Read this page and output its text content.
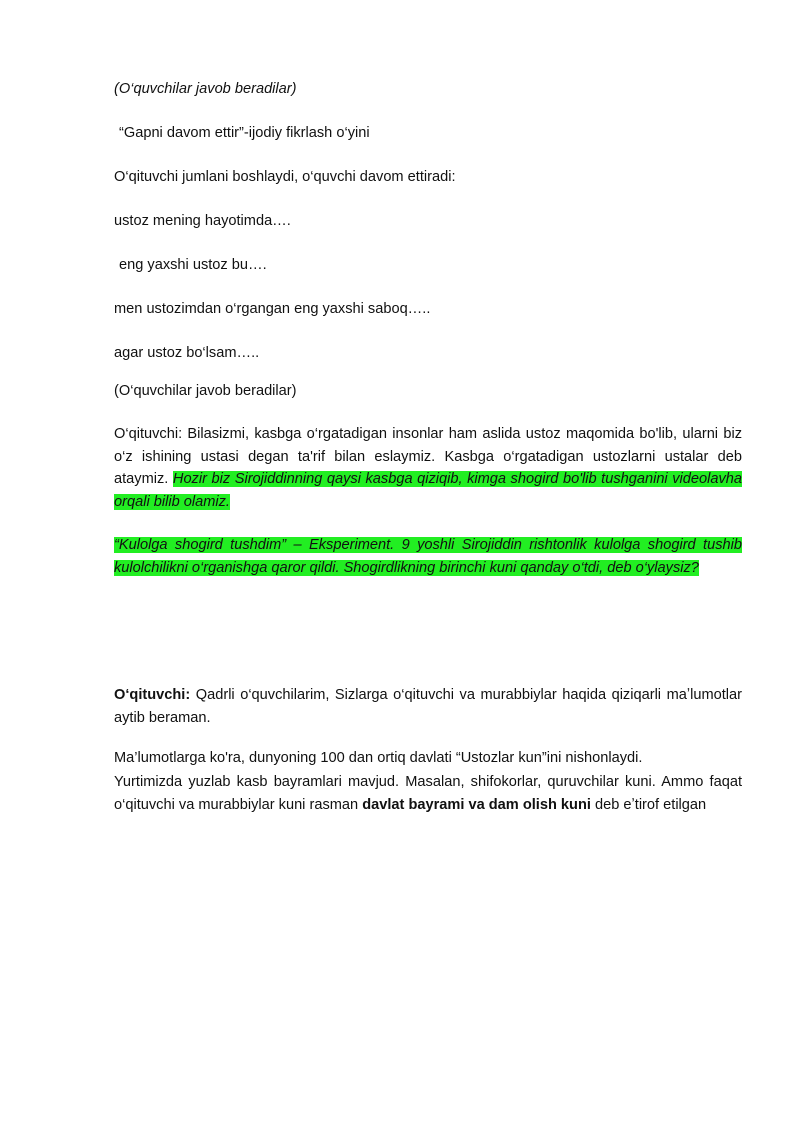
(O‘quvchilar javob beradilar)

“Gapni davom ettir”-ijodiy fikrlash o‘yini

O‘qituvchi jumlani boshlaydi, o‘quvchi davom ettiradi:

ustoz mening hayotimda….

eng yaxshi ustoz bu….

men ustozimdan o‘rgangan eng yaxshi saboq…..

agar ustoz bo‘lsam…..

(O‘quvchilar javob beradilar)

O‘qituvchi: Bilasizmi, kasbga o‘rgatadigan insonlar ham aslida ustoz maqomida bo'lib, ularni biz o‘z ishining ustasi degan ta'rif bilan eslaymiz. Kasbga o‘rgatadigan ustozlarni ustalar deb ataymiz. Hozir biz Sirojiddinning qaysi kasbga qiziqib, kimga shogird bo'lib tushganini videolavha orqali bilib olamiz.

“Kulolga shogird tushdim” – Eksperiment. 9 yoshli Sirojiddin rishtonlik kulolga shogird tushib kulolchilikni o‘rganishga qaror qildi. Shogirdlikning birinchi kuni qanday o‘tdi, deb o‘ylaysiz?

O‘qituvchi: Qadrli o‘quvchilarim, Sizlarga o‘qituvchi va murabbiylar haqida qiziqarli maʼlumotlar aytib beraman.

Ma’lumotlarga ko'ra, dunyoning 100 dan ortiq davlati “Ustozlar kun”ini nishonlaydi.

Yurtimizda yuzlab kasb bayramlari mavjud. Masalan, shifokorlar, quruvchilar kuni. Ammo faqat o‘qituvchi va murabbiylar kuni rasman davlat bayrami va dam olish kuni deb eʼtirof etilgan
